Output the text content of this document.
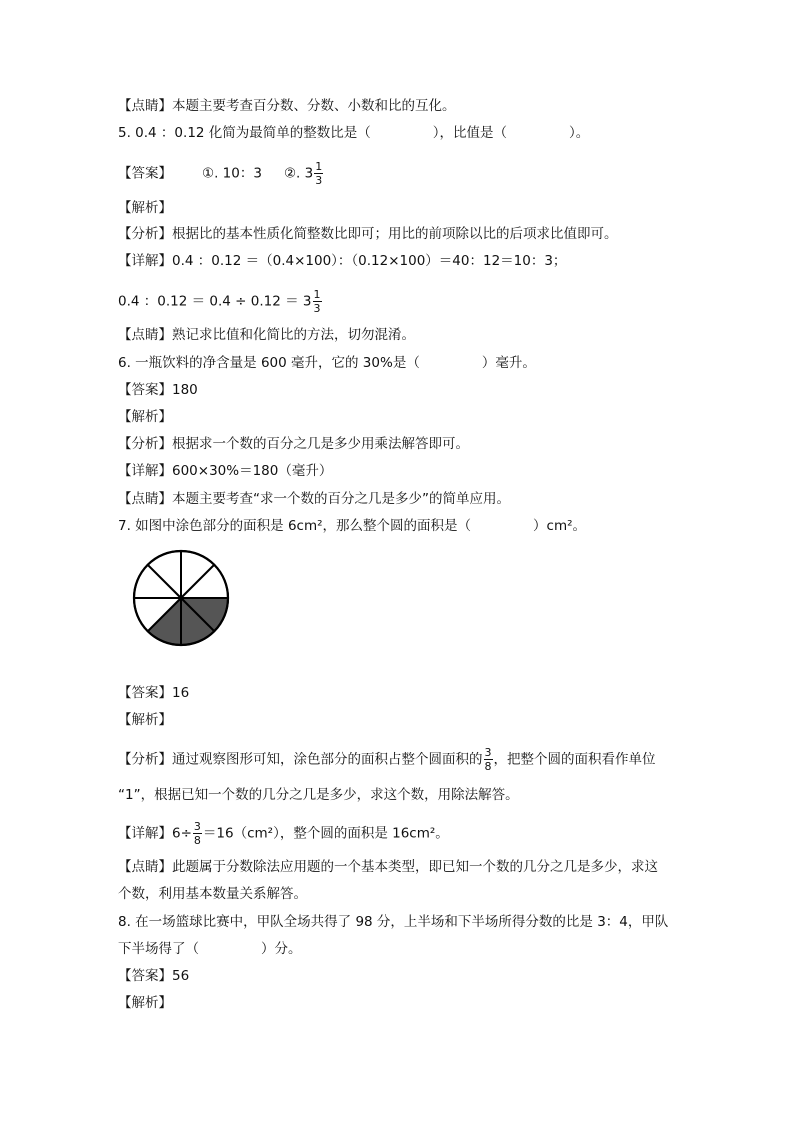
【点睛】本题主要考查百分数、分数、小数和比的互化。
5. 0.4 ：0.12 化简为最简单的整数比是（	），比值是（	）。
【答案】 ①. 10：3 ②. $3 \frac{1}{3}$
【解析】
【分析】根据比的基本性质化简整数比即可；用比的前项除以比的后项求比值即可。
【详解】0.4 ：0.12 ＝（0.4×100）：（0.12×100）＝40：12＝10：3；
0.4 ：$0.12 = 0.4 \div 0.12 = 3 \frac{1}{3}$
【点睛】熟记求比值和化简比的方法，切勿混淆。
6. 一瓶饮料的净含量是 600 毫升，它的 30%是（	）毫升。
【答案】180
【解析】
【分析】根据求一个数的百分之几是多少用乘法解答即可。
【详解】600×30%＝180（毫升）
【点睛】本题主要考查“求一个数的百分之几是多少”的简单应用。
7. 如图中涂色部分的面积是 6cm²，那么整个圆的面积是（	）cm²。
【答案】16
【解析】
【分析】通过观察图形可知，涂色部分的面积占整个圆面积的 $\frac{3}{8}$ ，把整个圆的面积看作单位
“1”，根据已知一个数的几分之几是多少，求这个数，用除法解答。
【详解】$6\div \frac{3}{8} =16(cm^2)$，整个圆的面积是 16cm²。
【点睛】此题属于分数除法应用题的一个基本类型，即已知一个数的几分之几是多少，求这
个数，利用基本数量关系解答。
8. 在一场篮球比赛中，甲队全场共得了 98 分，上半场和下半场所得分数的比是 3：4，甲队
下半场得了（	）分。
【答案】56
【解析】
